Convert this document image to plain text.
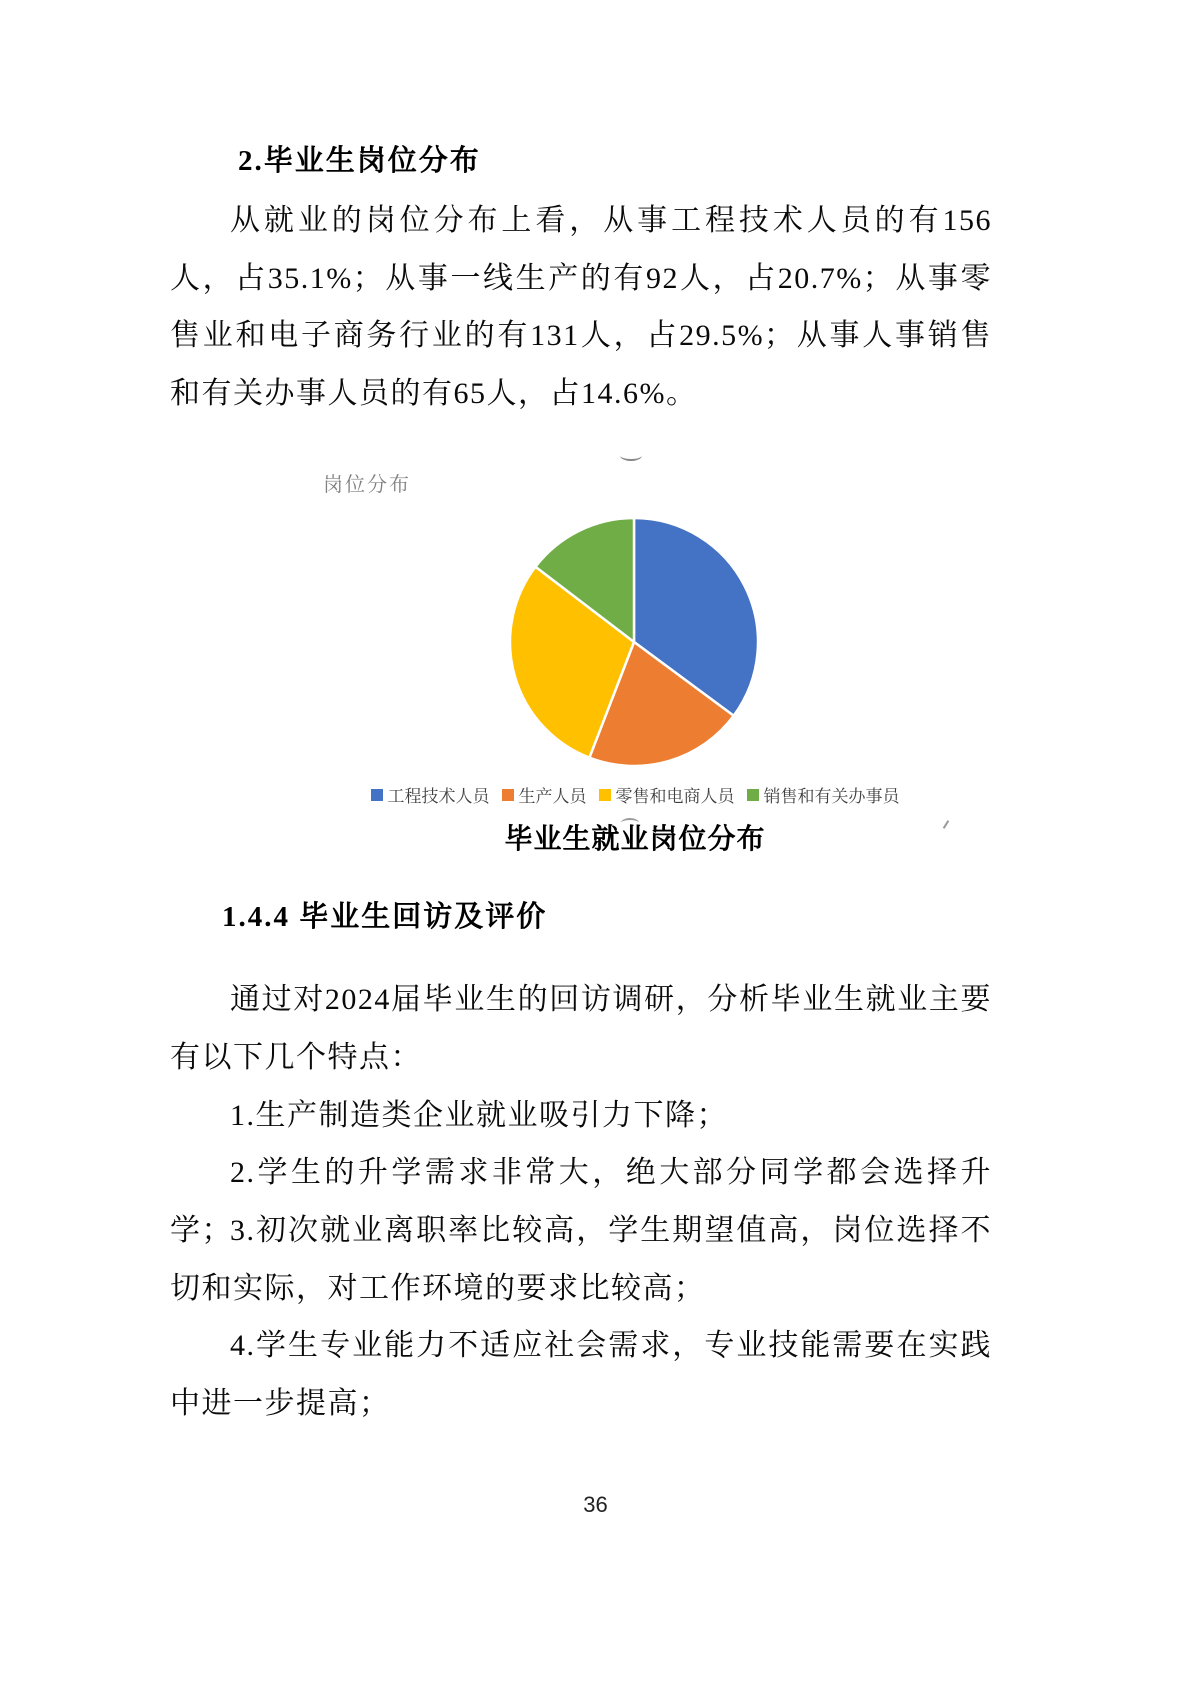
2.毕业生岗位分布

从就业的岗位分布上看，从事工程技术人员的有156人，占35.1%；从事一线生产的有92人，占20.7%；从事零售业和电子商务行业的有131人，占29.5%；从事人事销售和有关办事人员的有65人，占14.6%。

岗位分布
工程技术人员 生产人员 零售和电商人员 销售和有关办事员
毕业生就业岗位分布
1.4.4 毕业生回访及评价

通过对2024届毕业生的回访调研，分析毕业生就业主要有以下几个特点：

1.生产制造类企业就业吸引力下降；

2.学生的升学需求非常大，绝大部分同学都会选择升学；

3.初次就业离职率比较高，学生期望值高，岗位选择不切和实际，对工作环境的要求比较高；

4.学生专业能力不适应社会需求，专业技能需要在实践中进一步提高；

36
